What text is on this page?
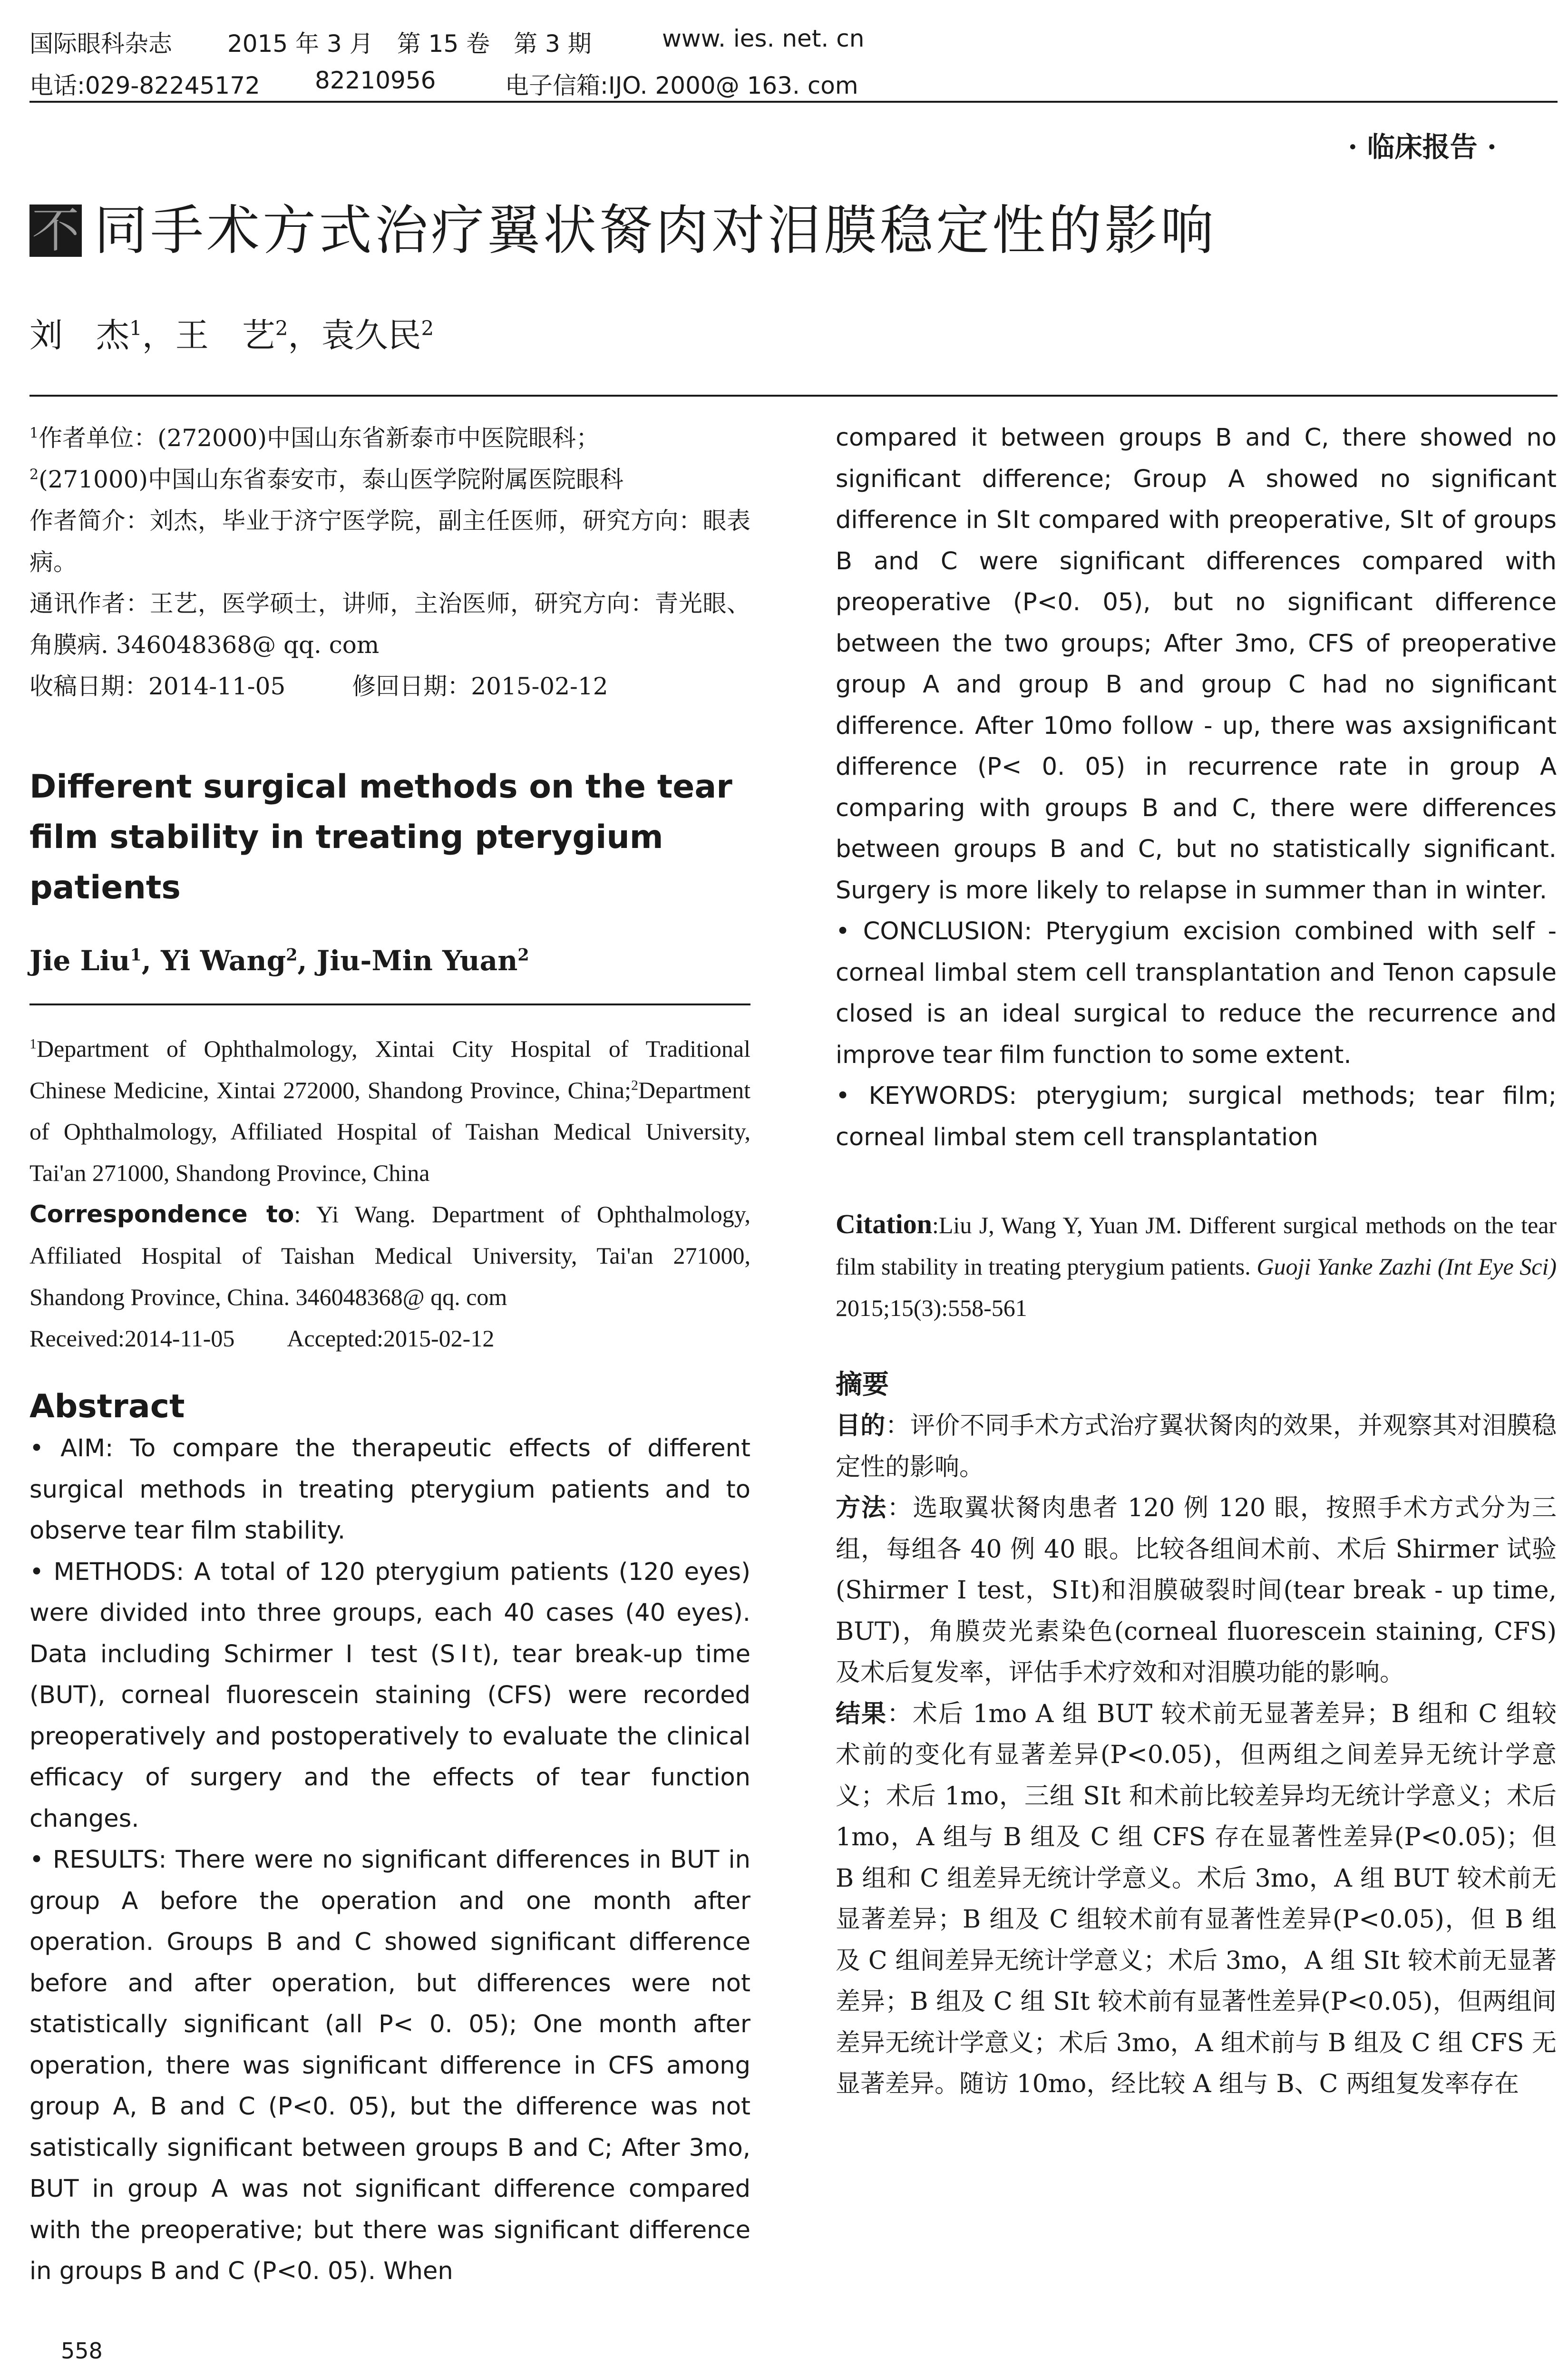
国际眼科杂志 2015 年 3 月　第 15 卷　第 3 期	www. ies. net. cn
电话:029-82245172 82210956	电子信箱:IJO. 2000@ 163. com
· 临床报告 ·
不 同手术方式治疗翼状胬肉对泪膜稳定性的影响
刘　杰$^1$，王　艺$^2$，袁久民$^2$

$^1$作者单位：(272000)中国山东省新泰市中医院眼科；
$^2$(271000)中国山东省泰安市，泰山医学院附属医院眼科

作者简介：刘杰，毕业于济宁医学院，副主任医师，研究方向：眼表病。

通讯作者：王艺，医学硕士，讲师，主治医师，研究方向：青光眼、角膜病. 346048368@ qq. com

收稿日期：2014-11-05	修回日期：2015-02-12

Different surgical methods on the tear film stability in treating pterygium patients
Jie Liu$^1$, Yi Wang$^2$, Jiu-Min Yuan$^2$

$^1$Department of Ophthalmology, Xintai City Hospital of Traditional Chinese Medicine, Xintai 272000, Shandong Province, China;$^2$Department of Ophthalmology, Affiliated Hospital of Taishan Medical University, Tai'an 271000, Shandong Province, China

Correspondence to: Yi Wang. Department of Ophthalmology, Affiliated Hospital of Taishan Medical University, Tai'an 271000, Shandong Province, China. 346048368@ qq. com

Received:2014-11-05 Accepted:2015-02-12

Abstract

• AIM: To compare the therapeutic effects of different surgical methods in treating pterygium patients and to observe tear film stability.

• METHODS: A total of 120 pterygium patients (120 eyes) were divided into three groups, each 40 cases (40 eyes). Data including Schirmer Ⅰ test (SⅠt), tear break-up time (BUT), corneal fluorescein staining (CFS) were recorded preoperatively and postoperatively to evaluate the clinical efficacy of surgery and the effects of tear function changes.

• RESULTS: There were no significant differences in BUT in group A before the operation and one month after operation. Groups B and C showed significant difference before and after operation, but differences were not statistically significant (all P< 0. 05); One month after operation, there was significant difference in CFS among group A, B and C (P<0. 05), but the difference was not satistically significant between groups B and C; After 3mo, BUT in group A was not significant difference compared with the preoperative; but there was significant difference in groups B and C (P<0. 05). When

compared it between groups B and C, there showed no significant difference; Group A showed no significant difference in SⅠt compared with preoperative, SⅠt of groups B and C were significant differences compared with preoperative (P<0. 05), but no significant difference between the two groups; After 3mo, CFS of preoperative group A and group B and group C had no significant difference. After 10mo follow - up, there was axsignificant difference (P< 0. 05) in recurrence rate in group A comparing with groups B and C, there were differences between groups B and C, but no statistically significant. Surgery is more likely to relapse in summer than in winter.

• CONCLUSION: Pterygium excision combined with self - corneal limbal stem cell transplantation and Tenon capsule closed is an ideal surgical to reduce the recurrence and improve tear film function to some extent.

• KEYWORDS: pterygium; surgical methods; tear film; corneal limbal stem cell transplantation

Citation:Liu J, Wang Y, Yuan JM. Different surgical methods on the tear film stability in treating pterygium patients. Guoji Yanke Zazhi (Int Eye Sci) 2015;15(3):558-561
摘要

目的：评价不同手术方式治疗翼状胬肉的效果，并观察其对泪膜稳定性的影响。

方法：选取翼状胬肉患者 120 例 120 眼，按照手术方式分为三组，每组各 40 例 40 眼。比较各组间术前、术后 Shirmer 试验(Shirmer Ⅰ test，SⅠt)和泪膜破裂时间(tear break - up time, BUT)，角膜荧光素染色(corneal fluorescein staining, CFS)及术后复发率，评估手术疗效和对泪膜功能的影响。

结果：术后 1mo A 组 BUT 较术前无显著差异；B 组和 C 组较术前的变化有显著差异(P<0.05)，但两组之间差异无统计学意义；术后 1mo，三组 SⅠt 和术前比较差异均无统计学意义；术后 1mo，A 组与 B 组及 C 组 CFS 存在显著性差异(P<0.05)；但 B 组和 C 组差异无统计学意义。术后 3mo，A 组 BUT 较术前无显著差异；B 组及 C 组较术前有显著性差异(P<0.05)，但 B 组及 C 组间差异无统计学意义；术后 3mo，A 组 SⅠt 较术前无显著差异；B 组及 C 组 SⅠt 较术前有显著性差异(P<0.05)，但两组间差异无统计学意义；术后 3mo，A 组术前与 B 组及 C 组 CFS 无显著差异。随访 10mo，经比较 A 组与 B、C 两组复发率存在

558
